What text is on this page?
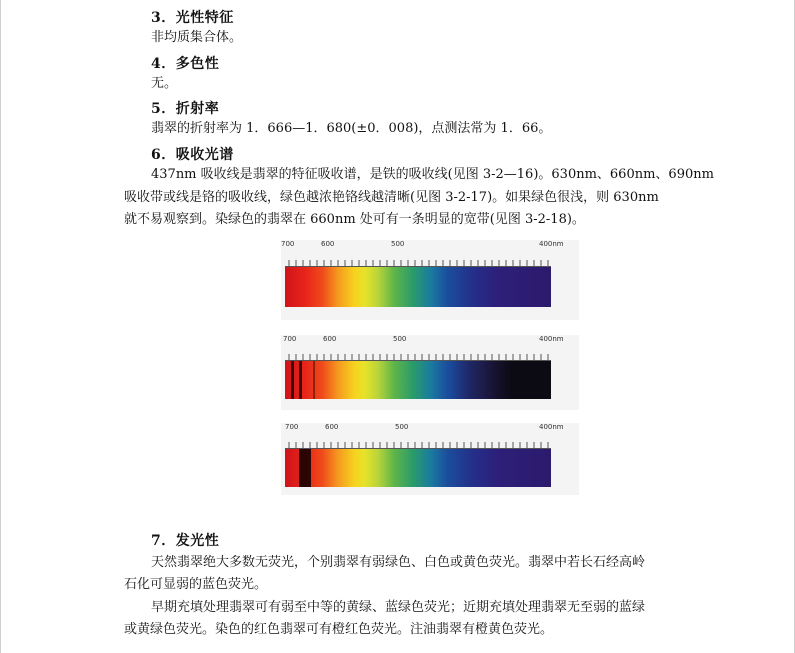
3．光性特征
非均质集合体。
4．多色性
无。
5．折射率
翡翠的折射率为 1．666—1．680(±0．008)，点测法常为 1．66。
6．吸收光谱
437nm 吸收线是翡翠的特征吸收谱，是铁的吸收线(见图 3-2—16)。630nm、660nm、690nm
吸收带或线是铬的吸收线，绿色越浓艳铬线越清晰(见图 3-2-17)。如果绿色很浅，则 630nm
就不易观察到。染绿色的翡翠在 660nm 处可有一条明显的宽带(见图 3-2-18)。
700	600	500	400nm
700	600	500	400nm
700	600	500	400nm
7．发光性
天然翡翠绝大多数无荧光，个别翡翠有弱绿色、白色或黄色荧光。翡翠中若长石经高岭
石化可显弱的蓝色荧光。
早期充填处理翡翠可有弱至中等的黄绿、蓝绿色荧光；近期充填处理翡翠无至弱的蓝绿
或黄绿色荧光。染色的红色翡翠可有橙红色荧光。注油翡翠有橙黄色荧光。
